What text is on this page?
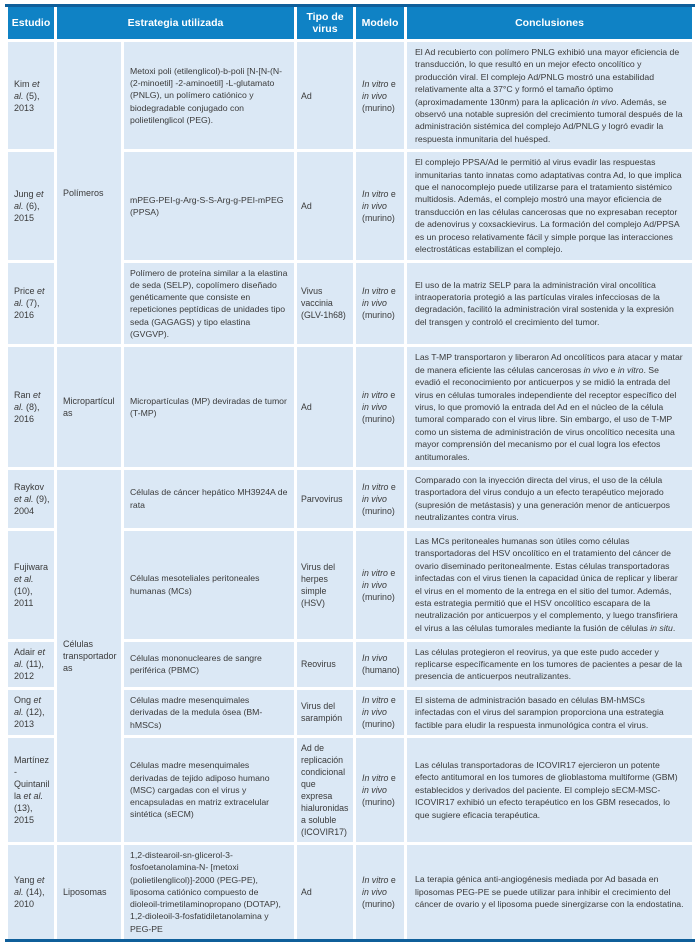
Estudio	Estrategia utilizada		Tipo de virus	Modelo	Conclusiones
Kim et al. (5), 2013	Polímeros	Metoxi poli (etilenglicol)-b-poli [N-[N-(N-(2-minoetil] -2-aminoetil] -L-glutamato (PNLG), un polímero catiónico y biodegradable conjugado con polietilenglicol (PEG).	Ad	In vitro e in vivo (murino)	El Ad recubierto con polímero PNLG exhibió una mayor eficiencia de transducción, lo que resultó en un mejor efecto oncolítico y producción viral. El complejo Ad/PNLG mostró una estabilidad relativamente alta a 37°C y formó el tamaño óptimo (aproximadamente 130nm) para la aplicación in vivo. Además, se observó una notable supresión del crecimiento tumoral después de la administración sistémica del complejo Ad/PNLG y logró evadir la respuesta inmunitaria del huésped.
Jung et al. (6), 2015		mPEG-PEI-g-Arg-S-S-Arg-g-PEI-mPEG (PPSA)	Ad	In vitro e in vivo (murino)	El complejo PPSA/Ad le permitió al virus evadir las respuestas inmunitarias tanto innatas como adaptativas contra Ad, lo que implica que el nanocomplejo puede utilizarse para el tratamiento sistémico multidosis. Además, el complejo mostró una mayor eficiencia de transducción en las células cancerosas que no expresaban receptor de adenovirus y coxsackievirus. La formación del complejo Ad/PPSA es un proceso relativamente fácil y simple porque las interacciones electrostáticas estabilizan el complejo.
Price et al. (7), 2016		Polímero de proteína similar a la elastina de seda (SELP), copolímero diseñado genéticamente que consiste en repeticiones peptídicas de unidades tipo seda (GAGAGS) y tipo elastina (GVGVP).	Vivus vaccinia (GLV-1h68)	In vitro e in vivo (murino)	El uso de la matriz SELP para la administración viral oncolítica intraoperatoria protegió a las partículas virales infecciosas de la degradación, facilitó la administración viral sostenida y la expresión del transgen y controló el crecimiento del tumor.
Ran et al. (8), 2016	Micropartículas	Micropartículas (MP) deviradas de tumor (T-MP)	Ad	in vitro e in vivo (murino)	Las T-MP transportaron y liberaron Ad oncolíticos para atacar y matar de manera eficiente las células cancerosas in vivo e in vitro. Se evadió el reconocimiento por anticuerpos y se midió la entrada del virus en células tumorales independiente del receptor específico del virus, lo que promovió la entrada del Ad en el núcleo de la célula tumoral comparado con el virus libre. Sin embargo, el uso de T-MP como un sistema de administración de virus oncolítico necesita una mayor comprensión del mecanismo por el cual logra los efectos antitumorales.
Raykov et al. (9), 2004	Células transportadoras	Células de cáncer hepático MH3924A de rata	Parvovirus	In vitro e in vivo (murino)	Comparado con la inyección directa del virus, el uso de la célula trasportadora del virus condujo a un efecto terapéutico mejorado (supresión de metástasis) y una generación menor de anticuerpos neutralizantes contra virus.
Fujiwara et al. (10), 2011		Células mesoteliales peritoneales humanas (MCs)	Virus del herpes simple (HSV)	in vitro e in vivo (murino)	Las MCs peritoneales humanas son útiles como células transportadoras del HSV oncolítico en el tratamiento del cáncer de ovario diseminado peritonealmente. Estas células transportadoras infectadas con el virus tienen la capacidad única de replicar y liberar el virus en el momento de la entrega en el sitio del tumor. Además, esta estrategia permitió que el HSV oncolítico escapara de la neutralización por anticuerpos y el complemento, y luego transfiriera el virus a las células tumorales mediante la fusión de células in situ.
Adair et al. (11), 2012		Células mononucleares de sangre periférica (PBMC)	Reovirus	In vivo (humano)	Las células protegieron el reovirus, ya que este pudo acceder y replicarse específicamente en los tumores de pacientes a pesar de la presencia de anticuerpos neutralizantes.
Ong et al. (12), 2013		Células madre mesenquimales derivadas de la medula ósea (BM-hMSCs)	Virus del sarampión	In vitro e in vivo (murino)	El sistema de administración basado en células BM-hMSCs infectadas con el virus del sarampion proporciona una estrategia factible para eludir la respuesta inmunológica contra el virus.
Martínez-Quintanilla et al. (13), 2015		Células madre mesenquimales derivadas de tejido adiposo humano (MSC) cargadas con el virus y encapsuladas en matriz extracelular sintética (sECM)	Ad de replicación condicional que expresa hialuronidasa soluble (ICOVIR17)	In vitro e in vivo (murino)	Las células transportadoras de ICOVIR17 ejercieron un potente efecto antitumoral en los tumores de glioblastoma multiforme (GBM) establecidos y derivados del paciente. El complejo sECM-MSC-ICOVIR17 exhibió un efecto terapéutico en los GBM resecados, lo que sugiere eficacia terapéutica.
Yang et al. (14), 2010	Liposomas	1,2-distearoil-sn-glicerol-3-fosfoetanolamina-N- [metoxi (polietilenglicol)]-2000 (PEG-PE), liposoma catiónico compuesto de dioleoil-trimetilaminopropano (DOTAP), 1,2-dioleoil-3-fosfatidiletanolamina y PEG-PE	Ad	In vitro e in vivo (murino)	La terapia génica anti-angiogénesis mediada por Ad basada en liposomas PEG-PE se puede utilizar para inhibir el crecimiento del cáncer de ovario y el liposoma puede sinergizarse con la endostatina.
